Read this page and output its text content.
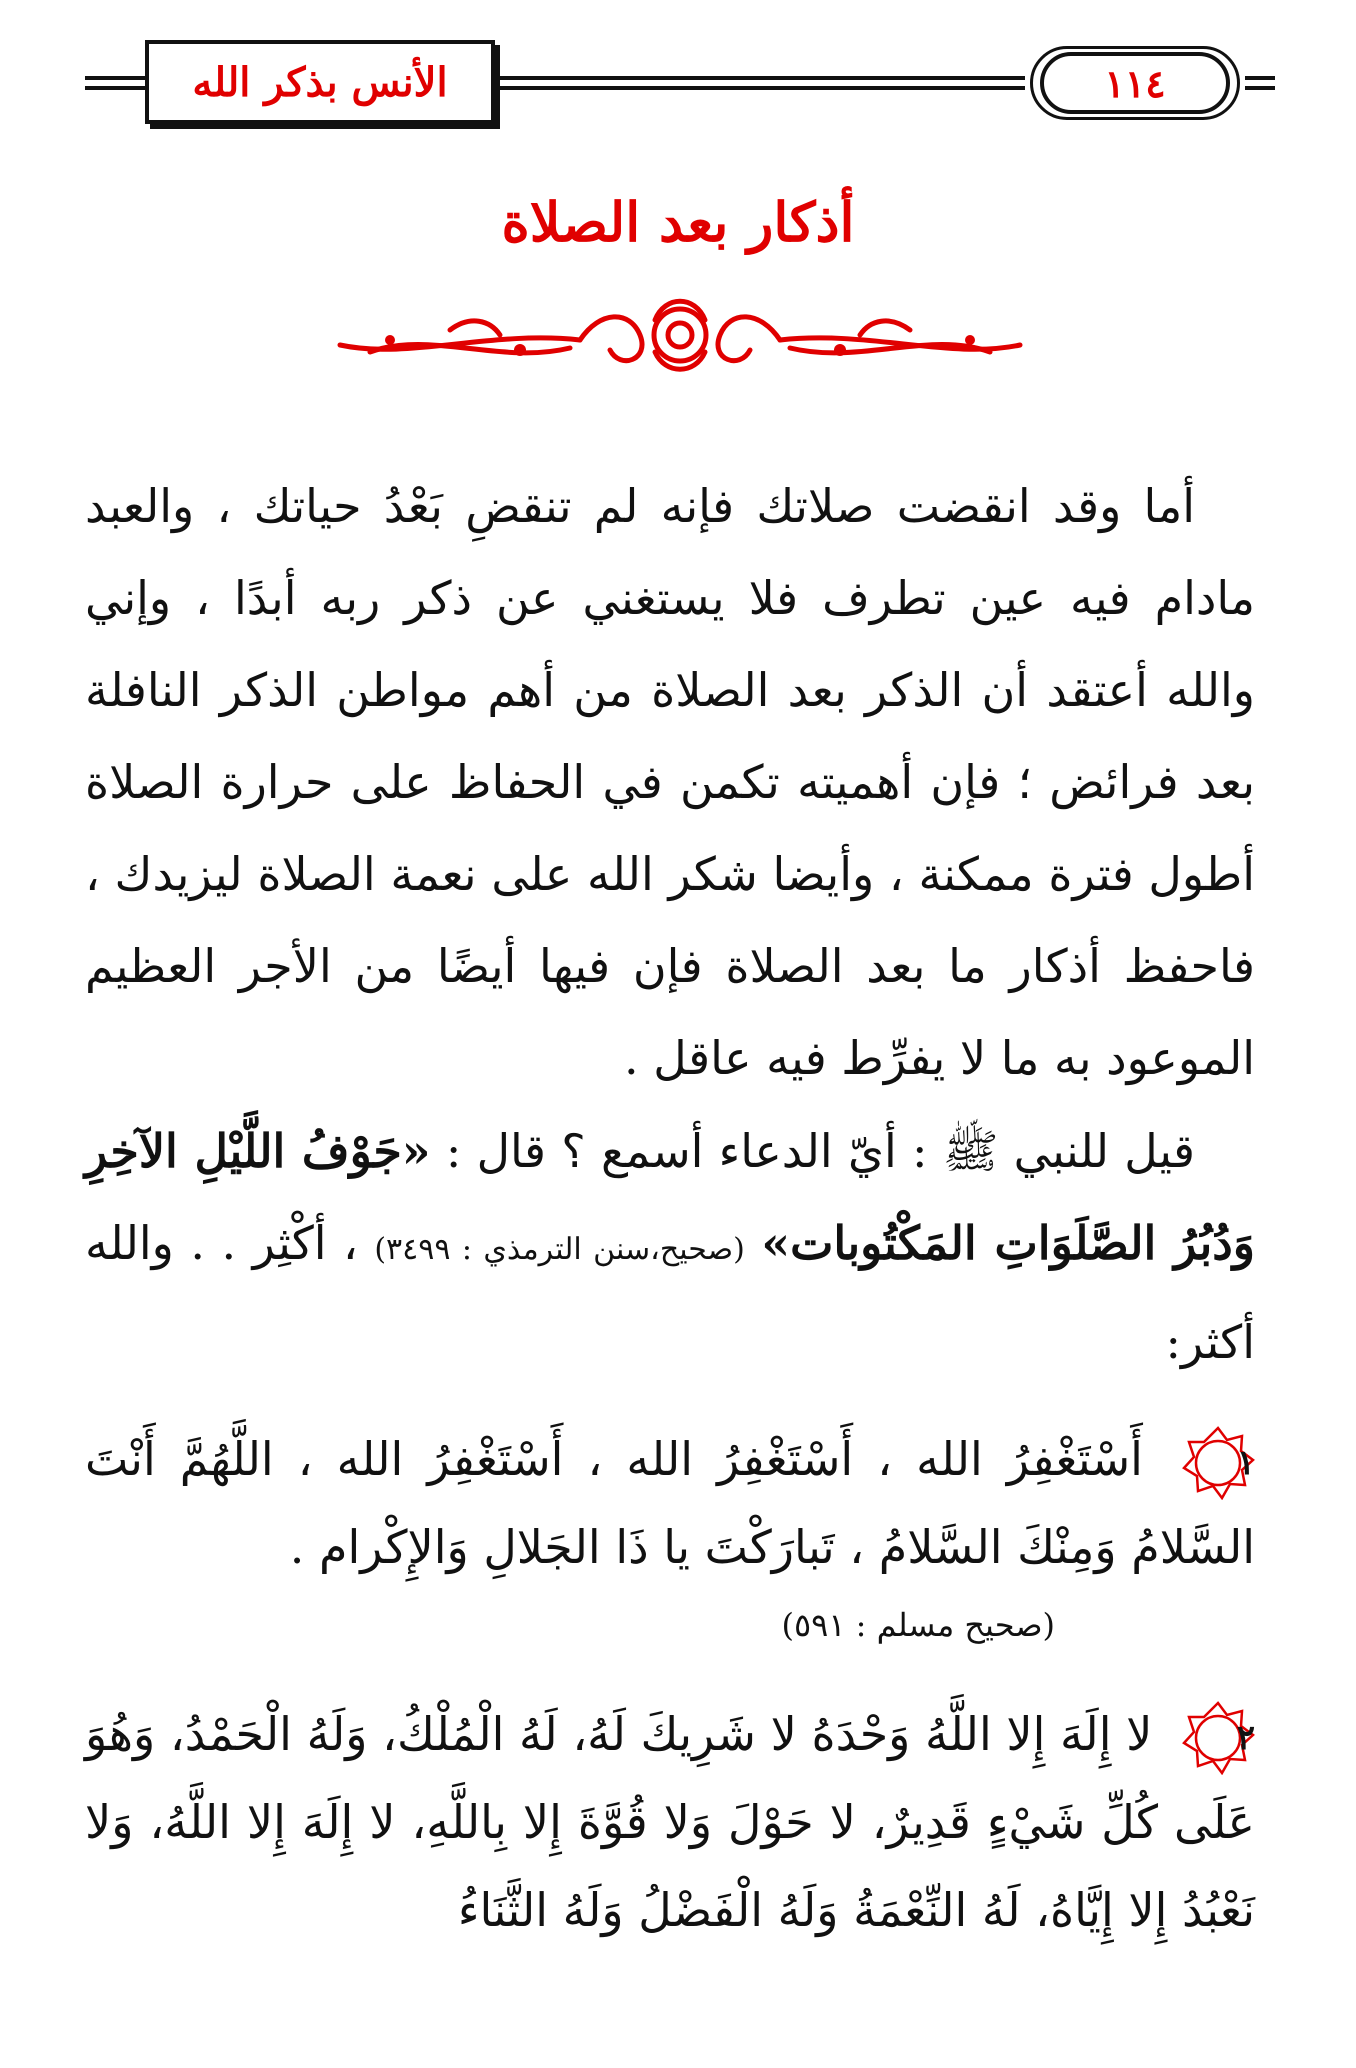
الأنس بذكر الله	١١٤
أذكار بعد الصلاة
أما وقد انقضت صلاتك فإنه لم تنقضِ بَعْدُ حياتك ، والعبد مادام فيه عين تطرف فلا يستغني عن ذكر ربه أبدًا ، وإني والله أعتقد أن الذكر بعد الصلاة من أهم مواطن الذكر النافلة بعد فرائض ؛ فإن أهميته تكمن في الحفاظ على حرارة الصلاة أطول فترة ممكنة ، وأيضا شكر الله على نعمة الصلاة ليزيدك ، فاحفظ أذكار ما بعد الصلاة فإن فيها أيضًا من الأجر العظيم الموعود به ما لا يفرِّط فيه عاقل .
قيل للنبي ﷺ : أيّ الدعاء أسمع ؟ قال : «جَوْفُ اللَّيْلِ الآخِرِ وَدُبُرُ الصَّلَوَاتِ المَكْتُوبات» (صحيح،سنن الترمذي : ٣٤٩٩) ، أكْثِر . . والله أكثر:
١
أَسْتَغْفِرُ الله ، أَسْتَغْفِرُ الله ، أَسْتَغْفِرُ الله ، اللَّهُمَّ أَنْتَ السَّلامُ وَمِنْكَ السَّلامُ ، تَبارَكْتَ يا ذَا الجَلالِ وَالإِكْرام .
(صحيح مسلم : ٥٩١)
٢
لا إِلَهَ إِلا اللَّهُ وَحْدَهُ لا شَرِيكَ لَهُ، لَهُ الْمُلْكُ، وَلَهُ الْحَمْدُ، وَهُوَ عَلَى كُلِّ شَيْءٍ قَدِيرٌ، لا حَوْلَ وَلا قُوَّةَ إِلا بِاللَّهِ، لا إِلَهَ إِلا اللَّهُ، وَلا نَعْبُدُ إِلا إِيَّاهُ، لَهُ النِّعْمَةُ وَلَهُ الْفَضْلُ وَلَهُ الثَّنَاءُ
